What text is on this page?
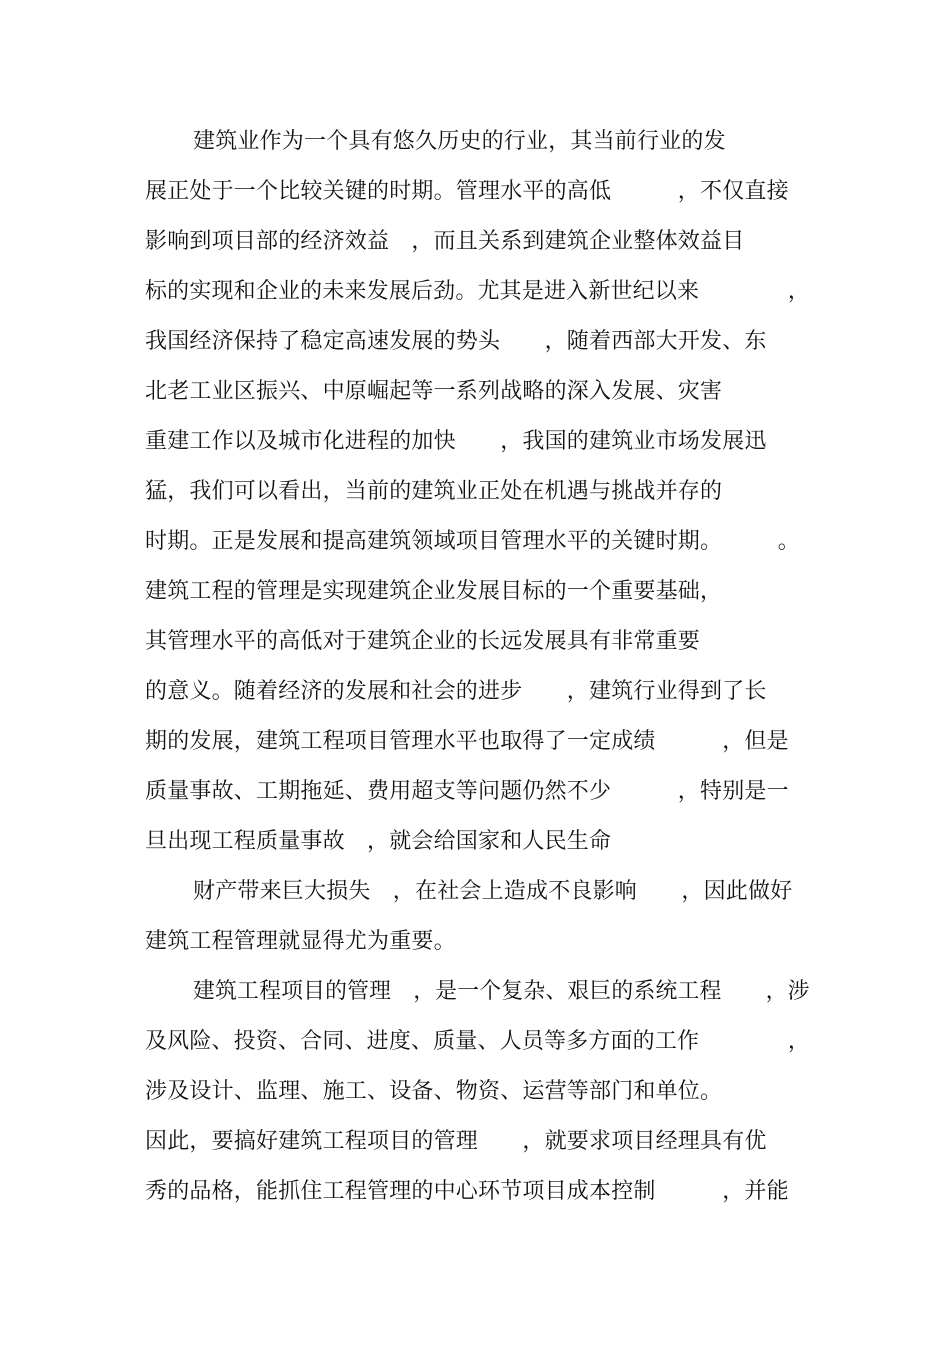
建筑业作为一个具有悠久历史的行业，其当前行业的发
展正处于一个比较关键的时期。管理水平的高低　　　，不仅直接
影响到项目部的经济效益　，而且关系到建筑企业整体效益目
标的实现和企业的未来发展后劲。尤其是进入新世纪以来　　　　，
我国经济保持了稳定高速发展的势头　　，随着西部大开发、东
北老工业区振兴、中原崛起等一系列战略的深入发展、灾害
重建工作以及城市化进程的加快　　，我国的建筑业市场发展迅
猛，我们可以看出，当前的建筑业正处在机遇与挑战并存的
时期。正是发展和提高建筑领域项目管理水平的关键时期。　　　。
建筑工程的管理是实现建筑企业发展目标的一个重要基础，
其管理水平的高低对于建筑企业的长远发展具有非常重要
的意义。随着经济的发展和社会的进步　　，建筑行业得到了长
期的发展，建筑工程项目管理水平也取得了一定成绩　　　，但是
质量事故、工期拖延、费用超支等问题仍然不少　　　，特别是一
旦出现工程质量事故　，就会给国家和人民生命
财产带来巨大损失　，在社会上造成不良影响　　，因此做好
建筑工程管理就显得尤为重要。
建筑工程项目的管理　，是一个复杂、艰巨的系统工程　　，涉
及风险、投资、合同、进度、质量、人员等多方面的工作　　　　，
涉及设计、监理、施工、设备、物资、运营等部门和单位。
因此，要搞好建筑工程项目的管理　　，就要求项目经理具有优
秀的品格，能抓住工程管理的中心环节项目成本控制　　　，并能
